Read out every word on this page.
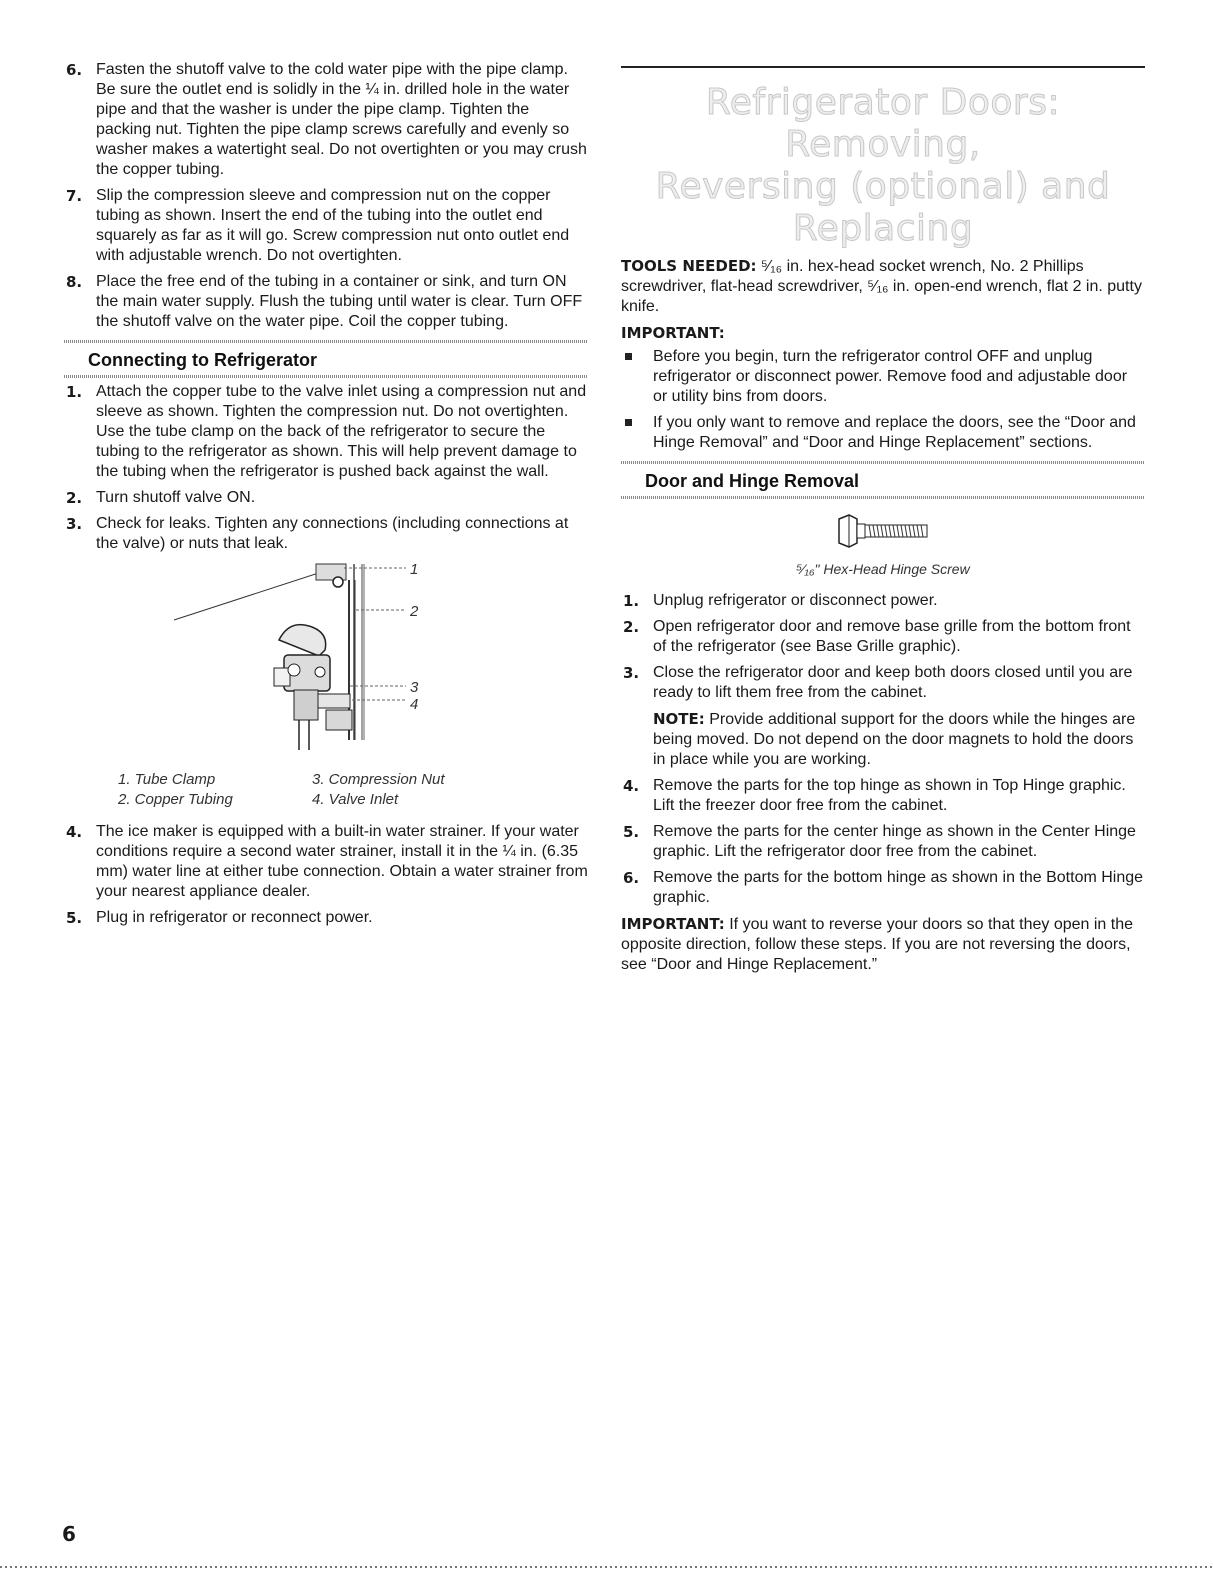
6. Fasten the shutoff valve to the cold water pipe with the pipe clamp. Be sure the outlet end is solidly in the ¼ in. drilled hole in the water pipe and that the washer is under the pipe clamp. Tighten the packing nut. Tighten the pipe clamp screws carefully and evenly so washer makes a watertight seal. Do not overtighten or you may crush the copper tubing.
7. Slip the compression sleeve and compression nut on the copper tubing as shown. Insert the end of the tubing into the outlet end squarely as far as it will go. Screw compression nut onto outlet end with adjustable wrench. Do not overtighten.
8. Place the free end of the tubing in a container or sink, and turn ON the main water supply. Flush the tubing until water is clear. Turn OFF the shutoff valve on the water pipe. Coil the copper tubing.
Connecting to Refrigerator
1. Attach the copper tube to the valve inlet using a compression nut and sleeve as shown. Tighten the compression nut. Do not overtighten. Use the tube clamp on the back of the refrigerator to secure the tubing to the refrigerator as shown. This will help prevent damage to the tubing when the refrigerator is pushed back against the wall.
2. Turn shutoff valve ON.
3. Check for leaks. Tighten any connections (including connections at the valve) or nuts that leak.
1
2
3
4
1. Tube Clamp
2. Copper Tubing
3. Compression Nut
4. Valve Inlet
4. The ice maker is equipped with a built-in water strainer. If your water conditions require a second water strainer, install it in the ¼ in. (6.35 mm) water line at either tube connection. Obtain a water strainer from your nearest appliance dealer.
5. Plug in refrigerator or reconnect power.
Refrigerator Doors: Removing,
Reversing (optional) and Replacing

TOOLS NEEDED: ⁵⁄₁₆ in. hex-head socket wrench, No. 2 Phillips screwdriver, flat-head screwdriver, ⁵⁄₁₆ in. open-end wrench, flat 2 in. putty knife.

IMPORTANT:
Before you begin, turn the refrigerator control OFF and unplug refrigerator or disconnect power. Remove food and adjustable door or utility bins from doors.
If you only want to remove and replace the doors, see the “Door and Hinge Removal” and “Door and Hinge Replacement” sections.
Door and Hinge Removal
⁵⁄₁₆" Hex-Head Hinge Screw
1. Unplug refrigerator or disconnect power.
2. Open refrigerator door and remove base grille from the bottom front of the refrigerator (see Base Grille graphic).
3. Close the refrigerator door and keep both doors closed until you are ready to lift them free from the cabinet.
NOTE: Provide additional support for the doors while the hinges are being moved. Do not depend on the door magnets to hold the doors in place while you are working.
4. Remove the parts for the top hinge as shown in Top Hinge graphic. Lift the freezer door free from the cabinet.
5. Remove the parts for the center hinge as shown in the Center Hinge graphic. Lift the refrigerator door free from the cabinet.
6. Remove the parts for the bottom hinge as shown in the Bottom Hinge graphic.

IMPORTANT: If you want to reverse your doors so that they open in the opposite direction, follow these steps. If you are not reversing the doors, see “Door and Hinge Replacement.”

6
